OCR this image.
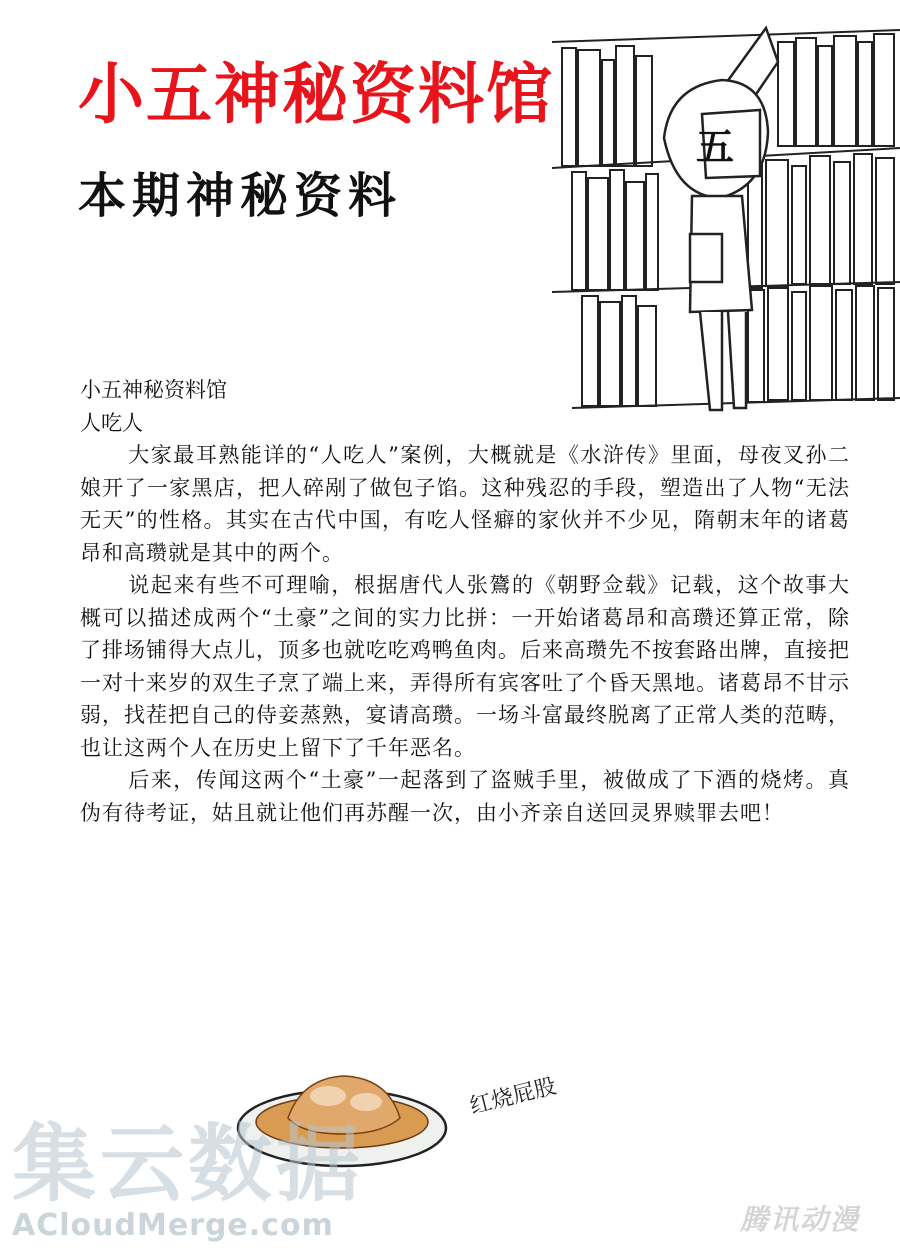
小五神秘资料馆
本期神秘资料
五
小五神秘资料馆
人吃人

大家最耳熟能详的“人吃人”案例，大概就是《水浒传》里面，母夜叉孙二娘开了一家黑店，把人碎剐了做包子馅。这种残忍的手段，塑造出了人物“无法无天”的性格。其实在古代中国，有吃人怪癖的家伙并不少见，隋朝末年的诸葛昂和高瓒就是其中的两个。

说起来有些不可理喻，根据唐代人张鷟的《朝野佥载》记载，这个故事大概可以描述成两个“土豪”之间的实力比拼：一开始诸葛昂和高瓒还算正常，除了排场铺得大点儿，顶多也就吃吃鸡鸭鱼肉。后来高瓒先不按套路出牌，直接把一对十来岁的双生子烹了端上来，弄得所有宾客吐了个昏天黑地。诸葛昂不甘示弱，找茬把自己的侍妾蒸熟，宴请高瓒。一场斗富最终脱离了正常人类的范畴，也让这两个人在历史上留下了千年恶名。

后来，传闻这两个“土豪”一起落到了盗贼手里，被做成了下酒的烧烤。真伪有待考证，姑且就让他们再苏醒一次，由小齐亲自送回灵界赎罪去吧！

红烧屁股
集云数据
ACloudMerge.com	腾讯动漫
